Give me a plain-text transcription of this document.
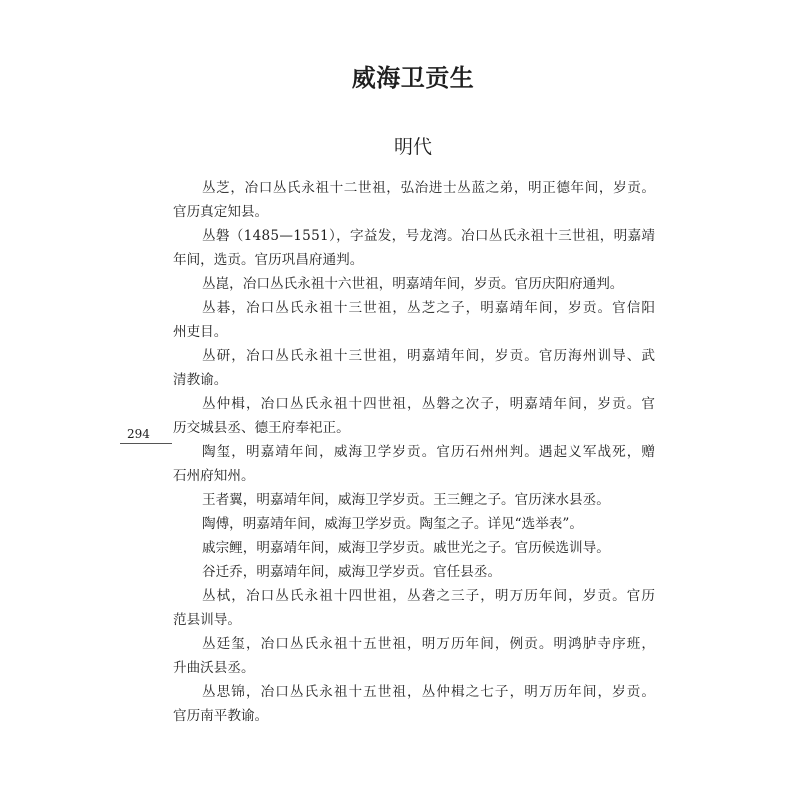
威海卫贡生
明代
294
丛芝，冶口丛氏永祖十二世祖，弘治进士丛蓝之弟，明正德年间，岁贡。
官历真定知县。
丛磐（1485—1551），字益发，号龙湾。冶口丛氏永祖十三世祖，明嘉靖
年间，选贡。官历巩昌府通判。
丛崑，冶口丛氏永祖十六世祖，明嘉靖年间，岁贡。官历庆阳府通判。
丛碁，冶口丛氏永祖十三世祖，丛芝之子，明嘉靖年间，岁贡。官信阳
州吏目。
丛研，冶口丛氏永祖十三世祖，明嘉靖年间，岁贡。官历海州训导、武
清教谕。
丛仲楫，冶口丛氏永祖十四世祖，丛磐之次子，明嘉靖年间，岁贡。官
历交城县丞、德王府奉祀正。
陶玺，明嘉靖年间，威海卫学岁贡。官历石州州判。遇起义军战死，赠
石州府知州。
王者翼，明嘉靖年间，威海卫学岁贡。王三鲤之子。官历涞水县丞。
陶傅，明嘉靖年间，威海卫学岁贡。陶玺之子。详见“选举表”。
戚宗鲤，明嘉靖年间，威海卫学岁贡。戚世光之子。官历候选训导。
谷迁乔，明嘉靖年间，威海卫学岁贡。官任县丞。
丛栻，冶口丛氏永祖十四世祖，丛砻之三子，明万历年间，岁贡。官历
范县训导。
丛廷玺，冶口丛氏永祖十五世祖，明万历年间，例贡。明鸿胪寺序班，
升曲沃县丞。
丛思锦，冶口丛氏永祖十五世祖，丛仲楫之七子，明万历年间，岁贡。
官历南平教谕。
